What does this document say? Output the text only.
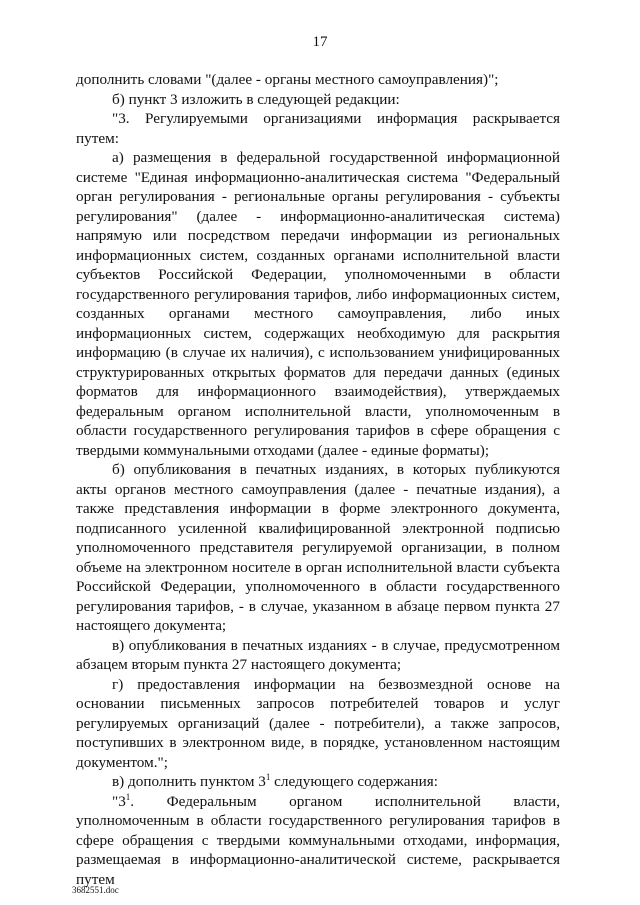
17

дополнить словами "(далее - органы местного самоуправления)";

б) пункт 3 изложить в следующей редакции:

"3. Регулируемыми организациями информация раскрывается путем:

а) размещения в федеральной государственной информационной системе "Единая информационно-аналитическая система "Федеральный орган регулирования - региональные органы регулирования - субъекты регулирования" (далее - информационно-аналитическая система) напрямую или посредством передачи информации из региональных информационных систем, созданных органами исполнительной власти субъектов Российской Федерации, уполномоченными в области государственного регулирования тарифов, либо информационных систем, созданных органами местного самоуправления, либо иных информационных систем, содержащих необходимую для раскрытия информацию (в случае их наличия), с использованием унифицированных структурированных открытых форматов для передачи данных (единых форматов для информационного взаимодействия), утверждаемых федеральным органом исполнительной власти, уполномоченным в области государственного регулирования тарифов в сфере обращения с твердыми коммунальными отходами (далее - единые форматы);

б) опубликования в печатных изданиях, в которых публикуются акты органов местного самоуправления (далее - печатные издания), а также представления информации в форме электронного документа, подписанного усиленной квалифицированной электронной подписью уполномоченного представителя регулируемой организации, в полном объеме на электронном носителе в орган исполнительной власти субъекта Российской Федерации, уполномоченного в области государственного регулирования тарифов, - в случае, указанном в абзаце первом пункта 27 настоящего документа;

в) опубликования в печатных изданиях - в случае, предусмотренном абзацем вторым пункта 27 настоящего документа;

г) предоставления информации на безвозмездной основе на основании письменных запросов потребителей товаров и услуг регулируемых организаций (далее - потребители), а также запросов, поступивших в электронном виде, в порядке, установленном настоящим документом.";

в) дополнить пунктом $3^1$ следующего содержания:

"$3^1$. Федеральным органом исполнительной власти, уполномоченным в области государственного регулирования тарифов в сфере обращения с твердыми коммунальными отходами, информация, размещаемая в информационно-аналитической системе, раскрывается путем

3682551.doc
